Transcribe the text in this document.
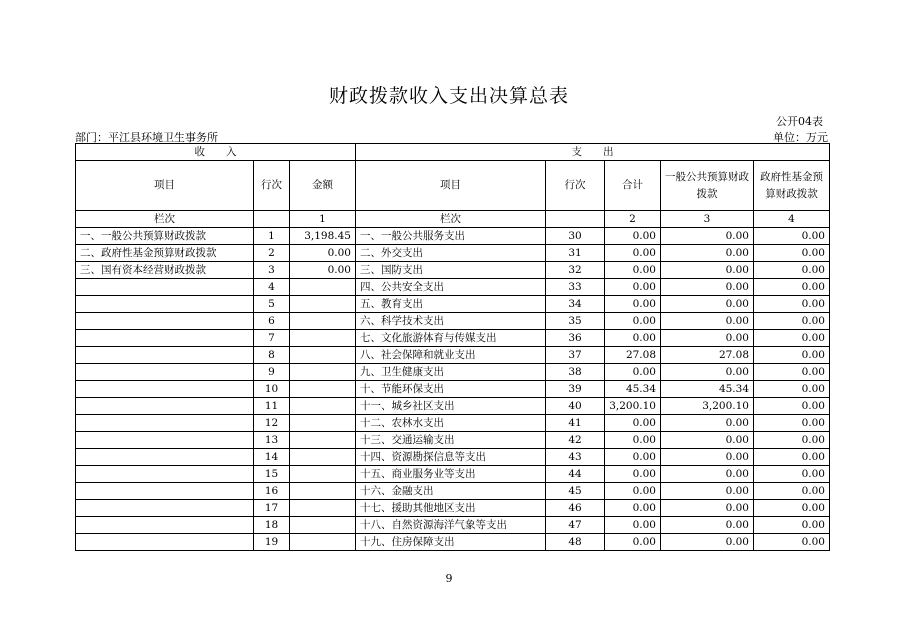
财政拨款收入支出决算总表
公开04表
部门：平江县环境卫生事务所	单位：万元
收　　入			支　　出				
项目	行次	金额	项目	行次	合计	一般公共预算财政拨款	政府性基金预算财政拨款
栏次		1	栏次		2	3	4
一、一般公共预算财政拨款	1	3,198.45	一、一般公共服务支出	30	0.00	0.00	0.00
二、政府性基金预算财政拨款	2	0.00	二、外交支出	31	0.00	0.00	0.00
三、国有资本经营财政拨款	3	0.00	三、国防支出	32	0.00	0.00	0.00
	4		四、公共安全支出	33	0.00	0.00	0.00
	5		五、教育支出	34	0.00	0.00	0.00
	6		六、科学技术支出	35	0.00	0.00	0.00
	7		七、文化旅游体育与传媒支出	36	0.00	0.00	0.00
	8		八、社会保障和就业支出	37	27.08	27.08	0.00
	9		九、卫生健康支出	38	0.00	0.00	0.00
	10		十、节能环保支出	39	45.34	45.34	0.00
	11		十一、城乡社区支出	40	3,200.10	3,200.10	0.00
	12		十二、农林水支出	41	0.00	0.00	0.00
	13		十三、交通运输支出	42	0.00	0.00	0.00
	14		十四、资源勘探信息等支出	43	0.00	0.00	0.00
	15		十五、商业服务业等支出	44	0.00	0.00	0.00
	16		十六、金融支出	45	0.00	0.00	0.00
	17		十七、援助其他地区支出	46	0.00	0.00	0.00
	18		十八、自然资源海洋气象等支出	47	0.00	0.00	0.00
	19		十九、住房保障支出	48	0.00	0.00	0.00
9
